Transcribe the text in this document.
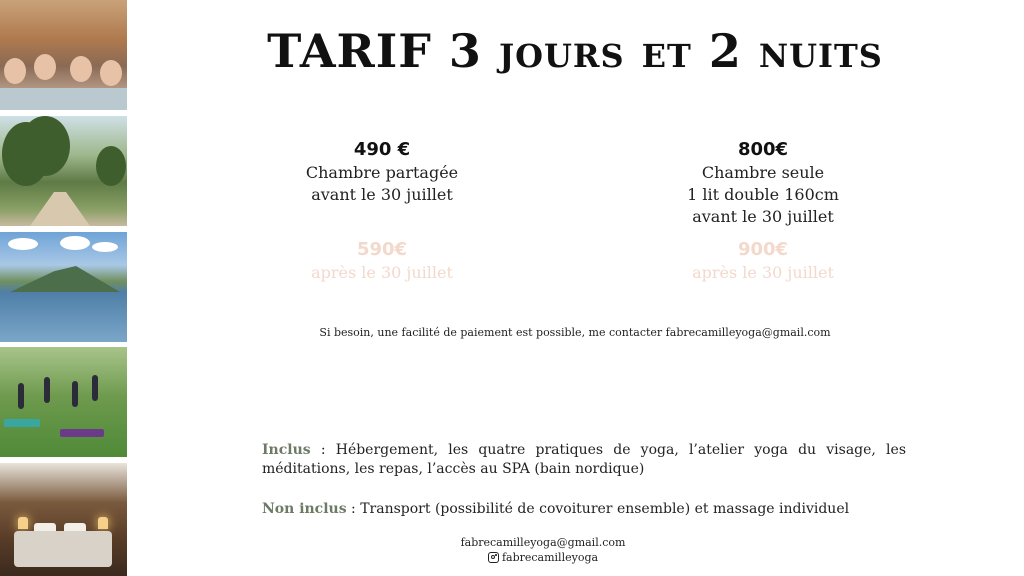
TARIF 3 jours et 2 nuits
490 €
Chambre partagée
avant le 30 juillet
800€
Chambre seule
1 lit double 160cm
avant le 30 juillet
590€
après le 30 juillet
900€
après le 30 juillet
Si besoin, une facilité de paiement est possible, me contacter fabrecamilleyoga@gmail.com
Inclus : Hébergement, les quatre pratiques de yoga, l’atelier yoga du visage, les méditations, les repas, l’accès au SPA (bain nordique)
Non inclus : Transport (possibilité de covoiturer ensemble) et massage individuel
fabrecamilleyoga@gmail.com
fabrecamilleyoga
